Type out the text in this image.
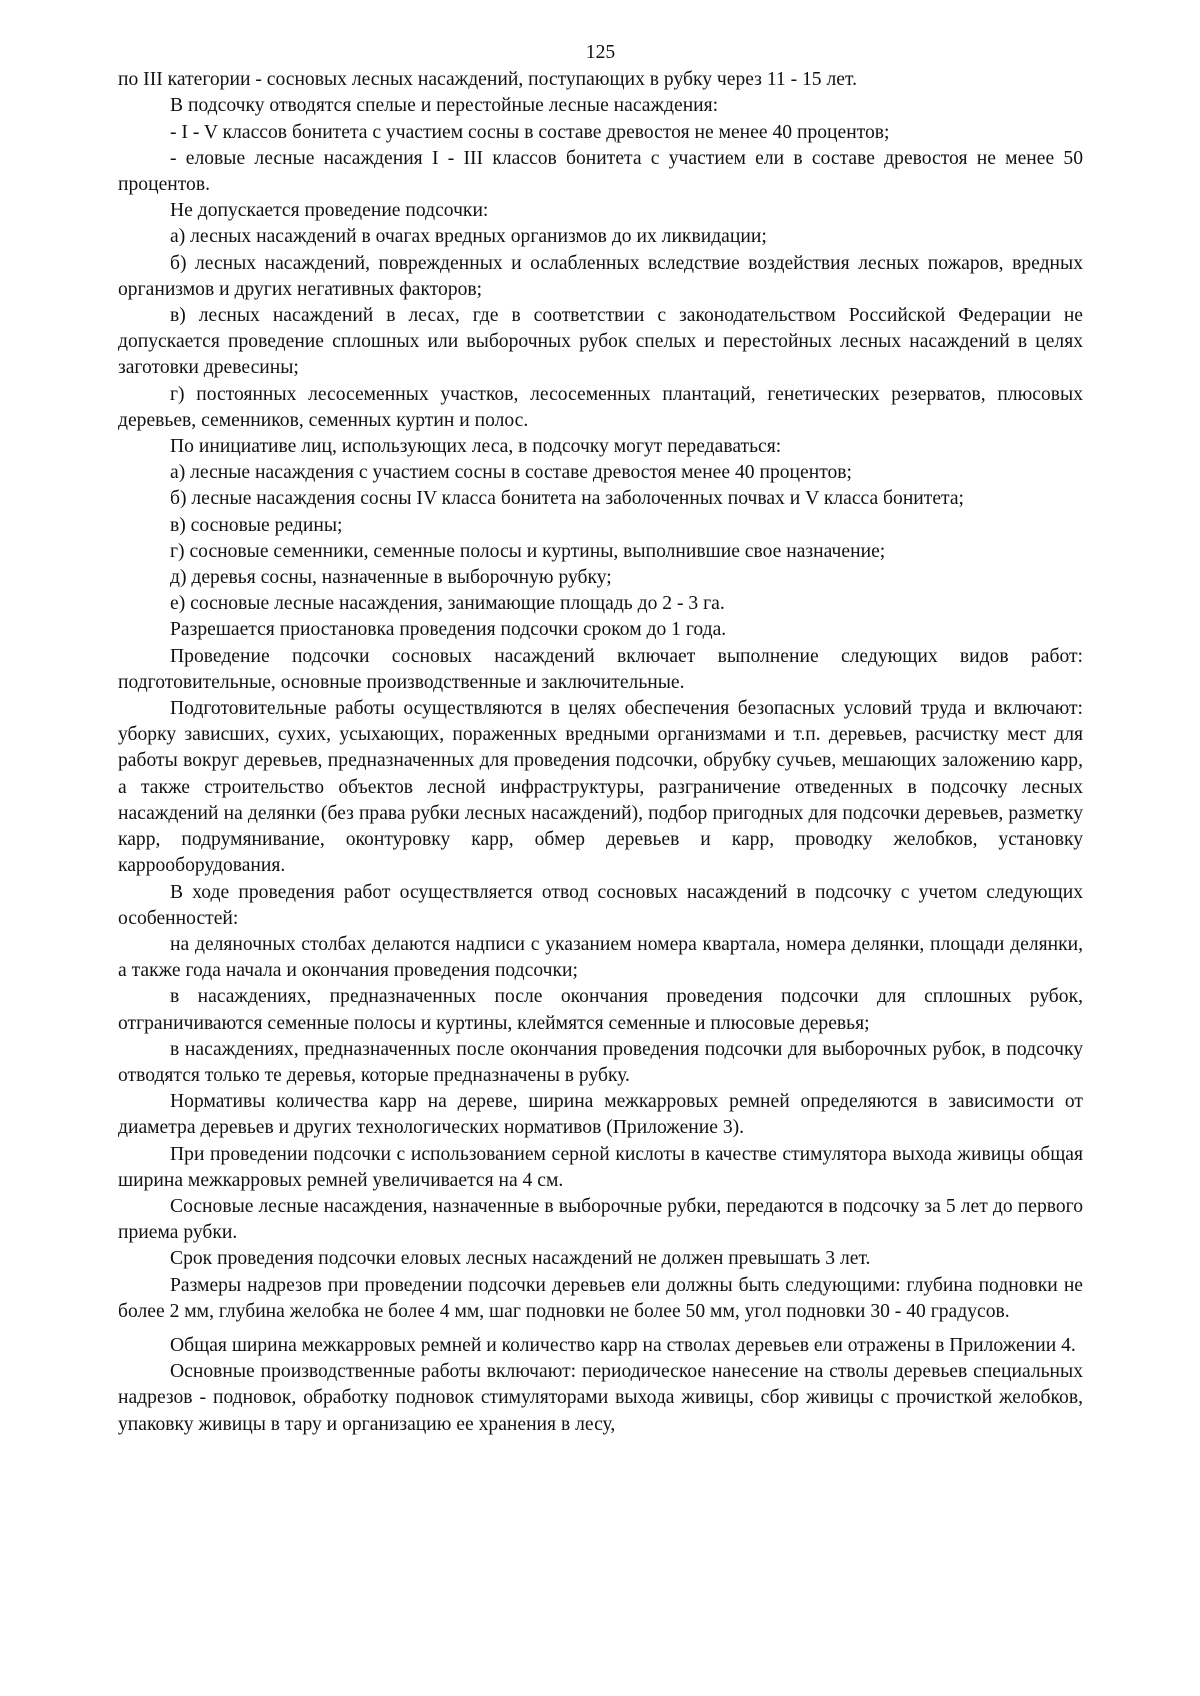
125

по III категории - сосновых лесных насаждений, поступающих в рубку через 11 - 15 лет.

В подсочку отводятся спелые и перестойные лесные насаждения:

- I - V классов бонитета с участием сосны в составе древостоя не менее 40 процентов;

- еловые лесные насаждения I - III классов бонитета с участием ели в составе древостоя не менее 50 процентов.

Не допускается проведение подсочки:

а) лесных насаждений в очагах вредных организмов до их ликвидации;

б) лесных насаждений, поврежденных и ослабленных вследствие воздействия лесных пожаров, вредных организмов и других негативных факторов;

в) лесных насаждений в лесах, где в соответствии с законодательством Российской Федерации не допускается проведение сплошных или выборочных рубок спелых и перестойных лесных насаждений в целях заготовки древесины;

г) постоянных лесосеменных участков, лесосеменных плантаций, генетических резерватов, плюсовых деревьев, семенников, семенных куртин и полос.

По инициативе лиц, использующих леса, в подсочку могут передаваться:

а) лесные насаждения с участием сосны в составе древостоя менее 40 процентов;

б) лесные насаждения сосны IV класса бонитета на заболоченных почвах и V класса бонитета;

в) сосновые редины;

г) сосновые семенники, семенные полосы и куртины, выполнившие свое назначение;

д) деревья сосны, назначенные в выборочную рубку;

е) сосновые лесные насаждения, занимающие площадь до 2 - 3 га.

Разрешается приостановка проведения подсочки сроком до 1 года.

Проведение подсочки сосновых насаждений включает выполнение следующих видов работ: подготовительные, основные производственные и заключительные.

Подготовительные работы осуществляются в целях обеспечения безопасных условий труда и включают: уборку зависших, сухих, усыхающих, пораженных вредными организмами и т.п. деревьев, расчистку мест для работы вокруг деревьев, предназначенных для проведения подсочки, обрубку сучьев, мешающих заложению карр, а также строительство объектов лесной инфраструктуры, разграничение отведенных в подсочку лесных насаждений на делянки (без права рубки лесных насаждений), подбор пригодных для подсочки деревьев, разметку карр, подрумянивание, оконтуровку карр, обмер деревьев и карр, проводку желобков, установку каррооборудования.

В ходе проведения работ осуществляется отвод сосновых насаждений в подсочку с учетом следующих особенностей:

на деляночных столбах делаются надписи с указанием номера квартала, номера делянки, площади делянки, а также года начала и окончания проведения подсочки;

в насаждениях, предназначенных после окончания проведения подсочки для сплошных рубок, отграничиваются семенные полосы и куртины, клеймятся семенные и плюсовые деревья;

в насаждениях, предназначенных после окончания проведения подсочки для выборочных рубок, в подсочку отводятся только те деревья, которые предназначены в рубку.

Нормативы количества карр на дереве, ширина межкарровых ремней определяются в зависимости от диаметра деревьев и других технологических нормативов (Приложение 3).

При проведении подсочки с использованием серной кислоты в качестве стимулятора выхода живицы общая ширина межкарровых ремней увеличивается на 4 см.

Сосновые лесные насаждения, назначенные в выборочные рубки, передаются в подсочку за 5 лет до первого приема рубки.

Срок проведения подсочки еловых лесных насаждений не должен превышать 3 лет.

Размеры надрезов при проведении подсочки деревьев ели должны быть следующими: глубина подновки не более 2 мм, глубина желобка не более 4 мм, шаг подновки не более 50 мм, угол подновки 30 - 40 градусов.

Общая ширина межкарровых ремней и количество карр на стволах деревьев ели отражены в Приложении 4.

Основные производственные работы включают: периодическое нанесение на стволы деревьев специальных надрезов - подновок, обработку подновок стимуляторами выхода живицы, сбор живицы с прочисткой желобков, упаковку живицы в тару и организацию ее хранения в лесу,
